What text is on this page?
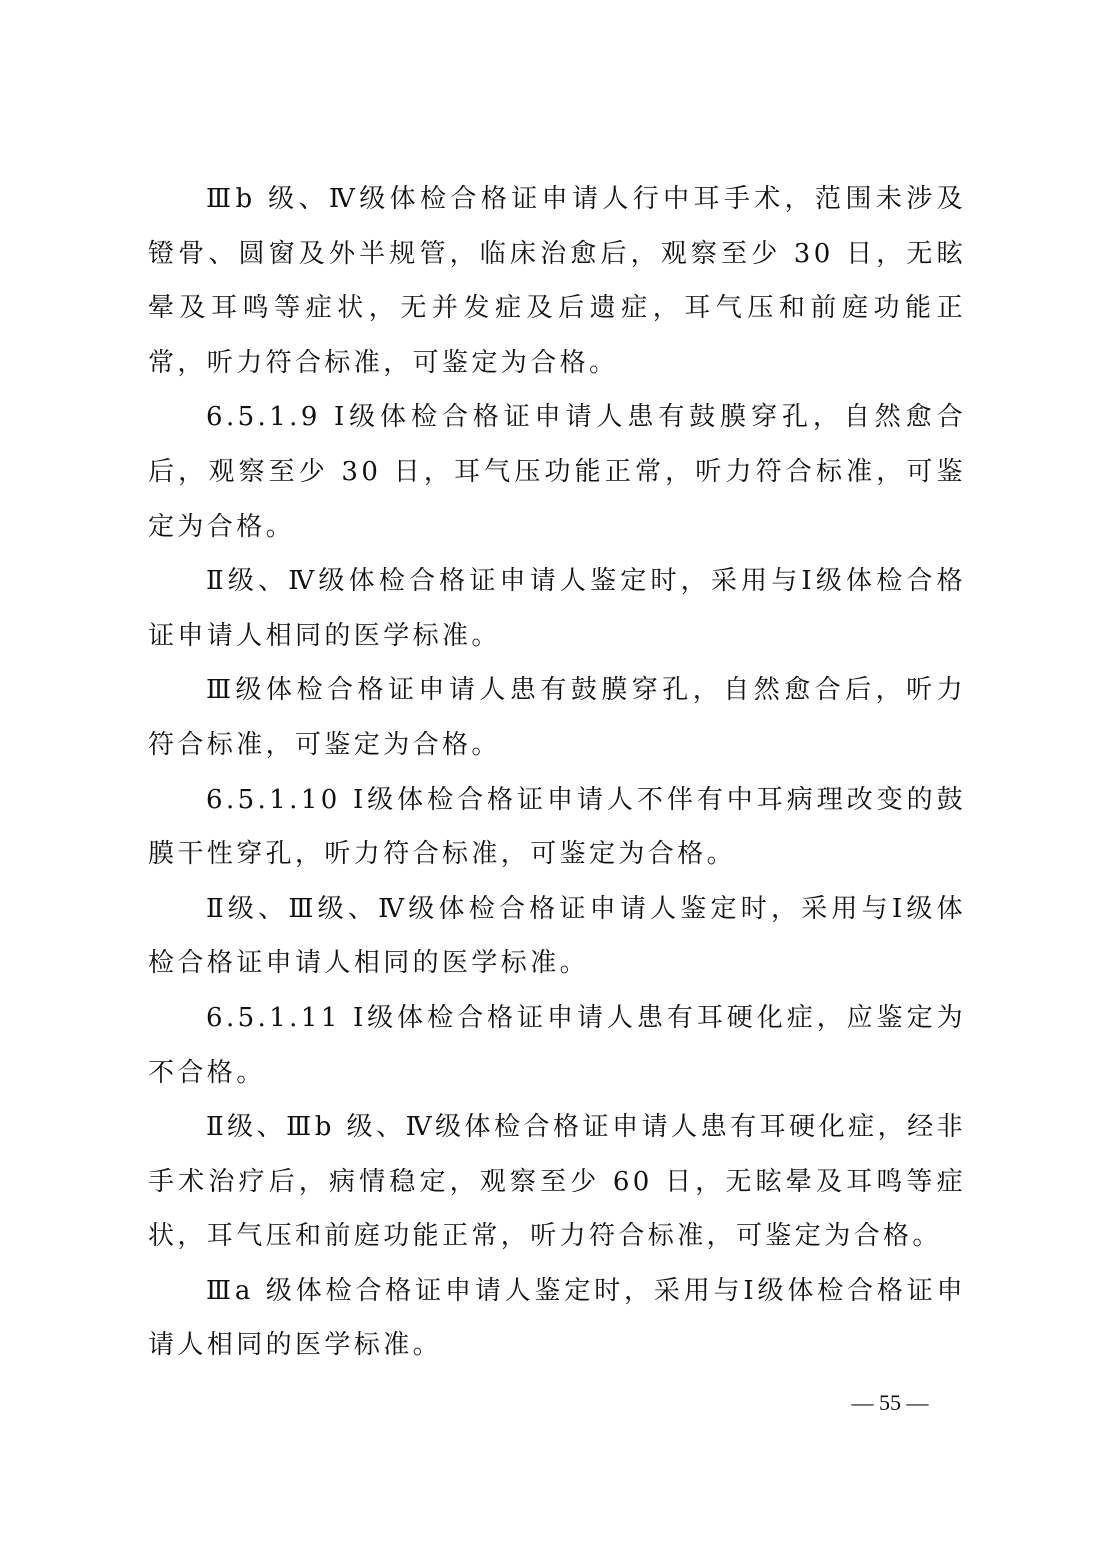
Ⅲb 级、Ⅳ级体检合格证申请人行中耳手术，范围未涉及镫骨、圆窗及外半规管，临床治愈后，观察至少 30 日，无眩晕及耳鸣等症状，无并发症及后遗症，耳气压和前庭功能正常，听力符合标准，可鉴定为合格。

6.5.1.9 Ⅰ级体检合格证申请人患有鼓膜穿孔，自然愈合后，观察至少 30 日，耳气压功能正常，听力符合标准，可鉴定为合格。

Ⅱ级、Ⅳ级体检合格证申请人鉴定时，采用与Ⅰ级体检合格证申请人相同的医学标准。

Ⅲ级体检合格证申请人患有鼓膜穿孔，自然愈合后，听力符合标准，可鉴定为合格。

6.5.1.10 Ⅰ级体检合格证申请人不伴有中耳病理改变的鼓膜干性穿孔，听力符合标准，可鉴定为合格。

Ⅱ级、Ⅲ级、Ⅳ级体检合格证申请人鉴定时，采用与Ⅰ级体检合格证申请人相同的医学标准。

6.5.1.11 Ⅰ级体检合格证申请人患有耳硬化症，应鉴定为不合格。

Ⅱ级、Ⅲb 级、Ⅳ级体检合格证申请人患有耳硬化症，经非手术治疗后，病情稳定，观察至少 60 日，无眩晕及耳鸣等症状，耳气压和前庭功能正常，听力符合标准，可鉴定为合格。

Ⅲa 级体检合格证申请人鉴定时，采用与Ⅰ级体检合格证申请人相同的医学标准。

— 55 —
